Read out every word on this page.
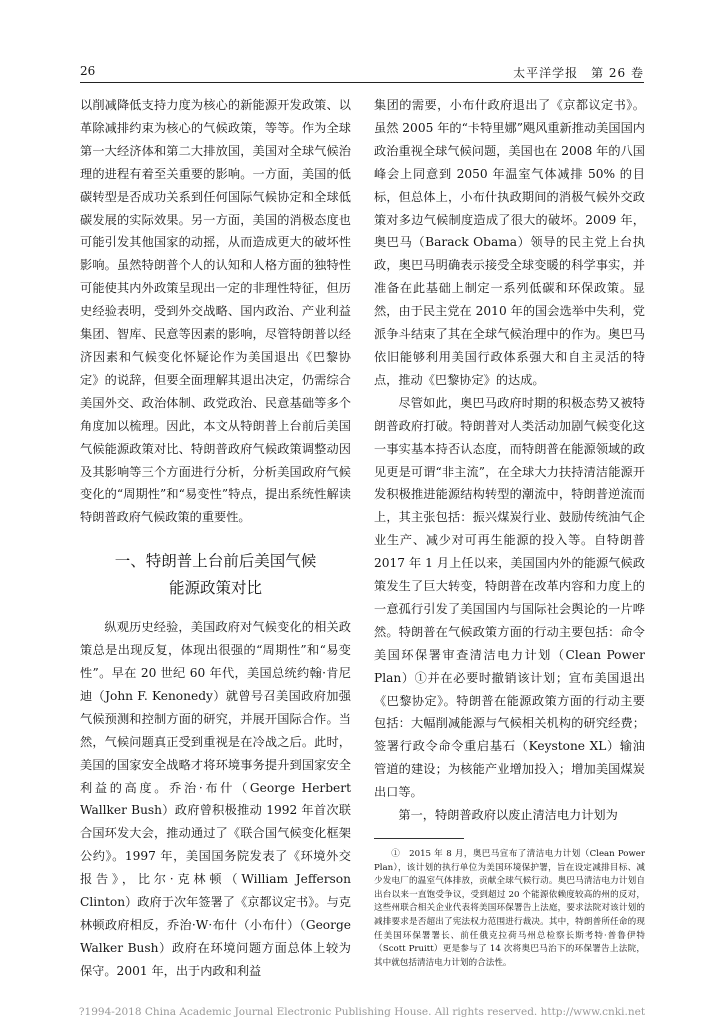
26	太平洋学报　第 26 卷

以削减降低支持力度为核心的新能源开发政策、以革除减排约束为核心的气候政策，等等。作为全球第一大经济体和第二大排放国，美国对全球气候治理的进程有着至关重要的影响。一方面，美国的低碳转型是否成功关系到任何国际气候协定和全球低碳发展的实际效果。另一方面，美国的消极态度也可能引发其他国家的动摇，从而造成更大的破坏性影响。虽然特朗普个人的认知和人格方面的独特性可能使其内外政策呈现出一定的非理性特征，但历史经验表明，受到外交战略、国内政治、产业利益集团、智库、民意等因素的影响，尽管特朗普以经济因素和气候变化怀疑论作为美国退出《巴黎协定》的说辞，但要全面理解其退出决定，仍需综合美国外交、政治体制、政党政治、民意基础等多个角度加以梳理。因此，本文从特朗普上台前后美国气候能源政策对比、特朗普政府气候政策调整动因及其影响等三个方面进行分析，分析美国政府气候变化的“周期性”和“易变性”特点，提出系统性解读特朗普政府气候政策的重要性。

一、特朗普上台前后美国气候
能源政策对比

纵观历史经验，美国政府对气候变化的相关政策总是出现反复，体现出很强的“周期性”和“易变性”。早在 20 世纪 60 年代，美国总统约翰·肯尼迪（John F. Kenonedy）就曾号召美国政府加强气候预测和控制方面的研究，并展开国际合作。当然，气候问题真正受到重视是在冷战之后。此时，美国的国家安全战略才将环境事务提升到国家安全利益的高度。乔治·布什（George Herbert Wallker Bush）政府曾积极推动 1992 年首次联合国环发大会，推动通过了《联合国气候变化框架公约》。1997 年，美国国务院发表了《环境外交报告》，比尔·克林顿（William Jefferson Clinton）政府于次年签署了《京都议定书》。与克林顿政府相反，乔治·W·布什（小布什）（George Walker Bush）政府在环境问题方面总体上较为保守。2001 年，出于内政和利益

集团的需要，小布什政府退出了《京都议定书》。虽然 2005 年的“卡特里娜”飓风重新推动美国国内政治重视全球气候问题，美国也在 2008 年的八国峰会上同意到 2050 年温室气体减排 50% 的目标，但总体上，小布什执政期间的消极气候外交政策对多边气候制度造成了很大的破坏。2009 年，奥巴马（Barack Obama）领导的民主党上台执政，奥巴马明确表示接受全球变暖的科学事实，并准备在此基础上制定一系列低碳和环保政策。显然，由于民主党在 2010 年的国会选举中失利，党派争斗结束了其在全球气候治理中的作为。奥巴马依旧能够利用美国行政体系强大和自主灵活的特点，推动《巴黎协定》的达成。

尽管如此，奥巴马政府时期的积极态势又被特朗普政府打破。特朗普对人类活动加剧气候变化这一事实基本持否认态度，而特朗普在能源领域的政见更是可谓“非主流”，在全球大力扶持清洁能源开发积极推进能源结构转型的潮流中，特朗普逆流而上，其主张包括：振兴煤炭行业、鼓励传统油气企业生产、减少对可再生能源的投入等。自特朗普 2017 年 1 月上任以来，美国国内外的能源气候政策发生了巨大转变，特朗普在改革内容和力度上的一意孤行引发了美国国内与国际社会舆论的一片哗然。特朗普在气候政策方面的行动主要包括：命令美国环保署审查清洁电力计划（Clean Power Plan）①并在必要时撤销该计划；宣布美国退出《巴黎协定》。特朗普在能源政策方面的行动主要包括：大幅削减能源与气候相关机构的研究经费；签署行政令命令重启基石（Keystone XL）输油管道的建设；为核能产业增加投入；增加美国煤炭出口等。

第一，特朗普政府以废止清洁电力计划为

①　2015 年 8 月，奥巴马宣布了清洁电力计划（Clean Power Plan），该计划的执行单位为美国环境保护署，旨在设定减排目标、减少发电厂的温室气体排放，贡献全球气候行动。奥巴马清洁电力计划自出台以来一直饱受争议，受到超过 20 个能源依赖度较高的州的反对，这些州联合相关企业代表将美国环保署告上法庭，要求法院对该计划的减排要求是否超出了宪法权力范围进行裁决。其中，特朗普所任命的现任美国环保署署长、前任俄克拉荷马州总检察长斯考特·普鲁伊特（Scott Pruitt）更是参与了 14 次将奥巴马治下的环保署告上法院，其中就包括清洁电力计划的合法性。

?1994-2018 China Academic Journal Electronic Publishing House. All rights reserved. http://www.cnki.net
